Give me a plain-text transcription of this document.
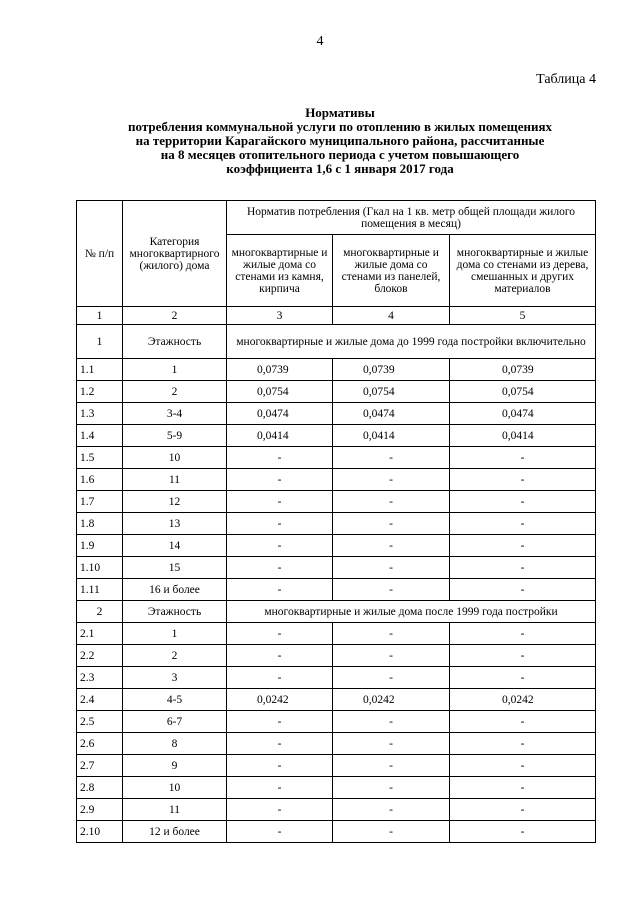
4
Таблица 4
Нормативы
потребления коммунальной услуги по отоплению в жилых помещениях
на территории Карагайского муниципального района, рассчитанные
на 8 месяцев отопительного периода с учетом повышающего
коэффициента 1,6 с 1 января 2017 года
№ п/п	Категория многоквартирного (жилого) дома	Норматив потребления (Гкал на 1 кв. метр общей площади жилого помещения в месяц)		
		многоквартирные и жилые дома со стенами из камня, кирпича	многоквартирные и жилые дома со стенами из панелей, блоков	многоквартирные и жилые дома со стенами из дерева, смешанных и других материалов
1	2	3	4	5
1	Этажность	многоквартирные и жилые дома до 1999 года постройки включительно		
1.1	1	0,0739	0,0739	0,0739
1.2	2	0,0754	0,0754	0,0754
1.3	3-4	0,0474	0,0474	0,0474
1.4	5-9	0,0414	0,0414	0,0414
1.5	10	-	-	-
1.6	11	-	-	-
1.7	12	-	-	-
1.8	13	-	-	-
1.9	14	-	-	-
1.10	15	-	-	-
1.11	16 и более	-	-	-
2	Этажность	многоквартирные и жилые дома после 1999 года постройки		
2.1	1	-	-	-
2.2	2	-	-	-
2.3	3	-	-	-
2.4	4-5	0,0242	0,0242	0,0242
2.5	6-7	-	-	-
2.6	8	-	-	-
2.7	9	-	-	-
2.8	10	-	-	-
2.9	11	-	-	-
2.10	12 и более	-	-	-
